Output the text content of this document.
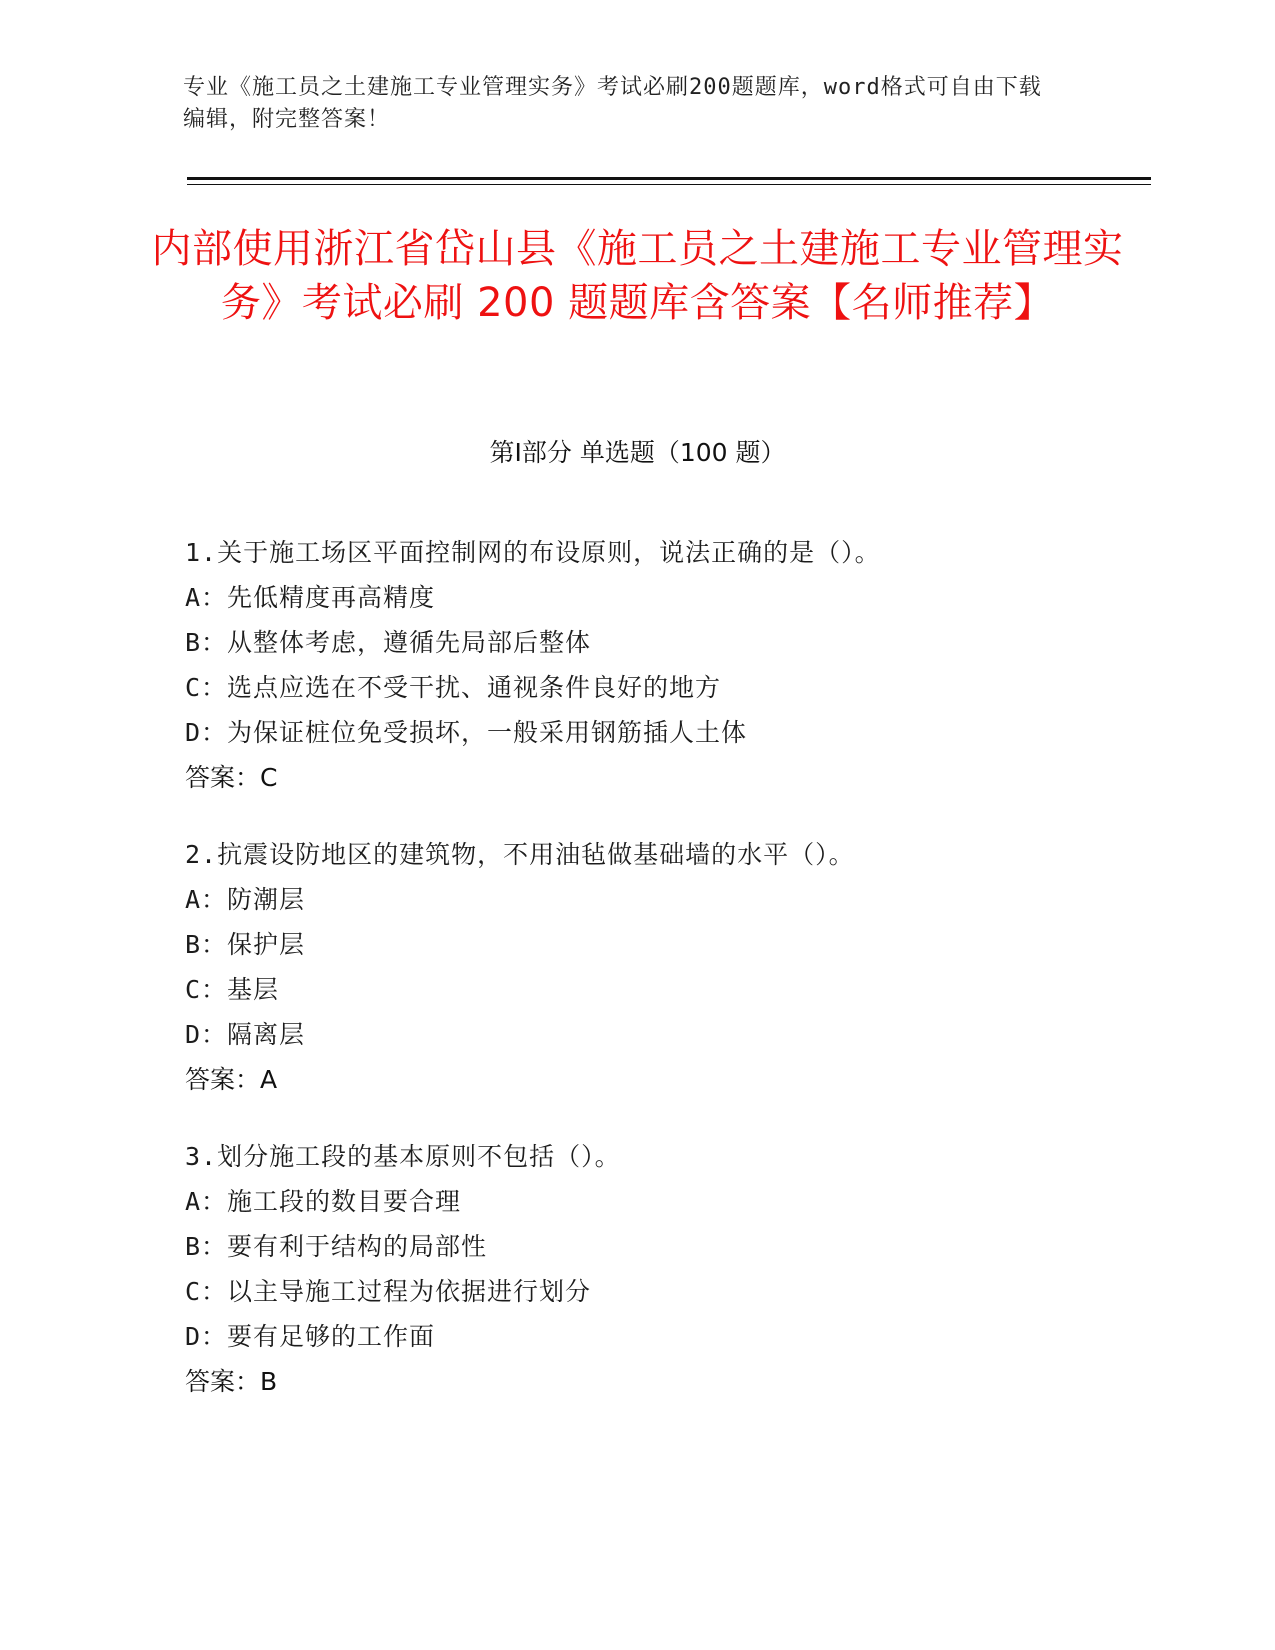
专业《施工员之土建施工专业管理实务》考试必刷200题题库，word格式可自由下载编辑，附完整答案！
内部使用浙江省岱山县《施工员之土建施工专业管理实务》考试必刷 200 题题库含答案【名师推荐】
第Ⅰ部分 单选题（100 题）
1.关于施工场区平面控制网的布设原则，说法正确的是（）。
A：先低精度再高精度
B：从整体考虑，遵循先局部后整体
C：选点应选在不受干扰、通视条件良好的地方
D：为保证桩位免受损坏，一般采用钢筋插人土体
答案：C
2.抗震设防地区的建筑物，不用油毡做基础墙的水平（）。
A：防潮层
B：保护层
C：基层
D：隔离层
答案：A
3.划分施工段的基本原则不包括（）。
A：施工段的数目要合理
B：要有利于结构的局部性
C：以主导施工过程为依据进行划分
D：要有足够的工作面
答案：B
